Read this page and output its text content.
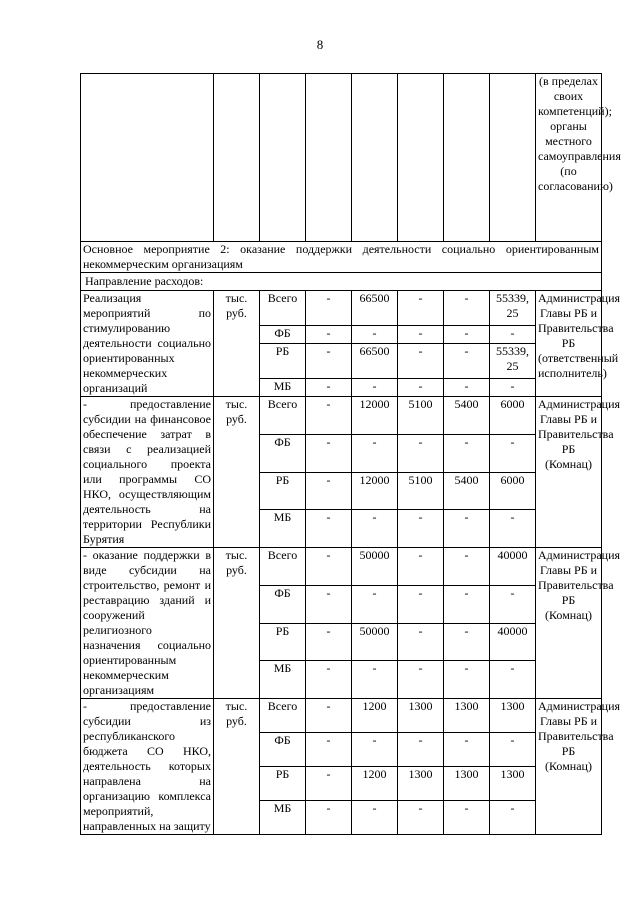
8
								(в пределах своих компетенций); органы местного самоуправления (по согласованию)
Основное мероприятие 2: оказание поддержки деятельности социально ориентированным некоммерческим организациям								
Направление расходов:								
Реализация мероприятий по стимулированию деятельности социально ориентированных некоммерческих организаций	тыс. руб.	Всего	-	66500	-	-	55339, 25	Администрация Главы РБ и Правительства РБ (ответственный исполнитель)
		ФБ	-	-	-	-	-	
		РБ	-	66500	-	-	55339, 25	
		МБ	-	-	-	-	-	
- предоставление субсидии на финансовое обеспечение затрат в связи с реализацией социального проекта или программы СО НКО, осуществляющим деятельность на территории Республики Бурятия	тыс. руб.	Всего	-	12000	5100	5400	6000	Администрация Главы РБ и Правительства РБ (Комнац)
		ФБ	-	-	-	-	-	
		РБ	-	12000	5100	5400	6000	
		МБ	-	-	-	-	-	
- оказание поддержки в виде субсидии на строительство, ремонт и реставрацию зданий и сооружений религиозного назначения социально ориентированным некоммерческим организациям	тыс. руб.	Всего	-	50000	-	-	40000	Администрация Главы РБ и Правительства РБ (Комнац)
		ФБ	-	-	-	-	-	
		РБ	-	50000	-	-	40000	
		МБ	-	-	-	-	-	
- предоставление субсидии из республиканского бюджета СО НКО, деятельность которых направлена на организацию комплекса мероприятий, направленных на защиту	тыс. руб.	Всего	-	1200	1300	1300	1300	Администрация Главы РБ и Правительства РБ (Комнац)
		ФБ	-	-	-	-	-	
		РБ	-	1200	1300	1300	1300	
		МБ	-	-	-	-	-	
